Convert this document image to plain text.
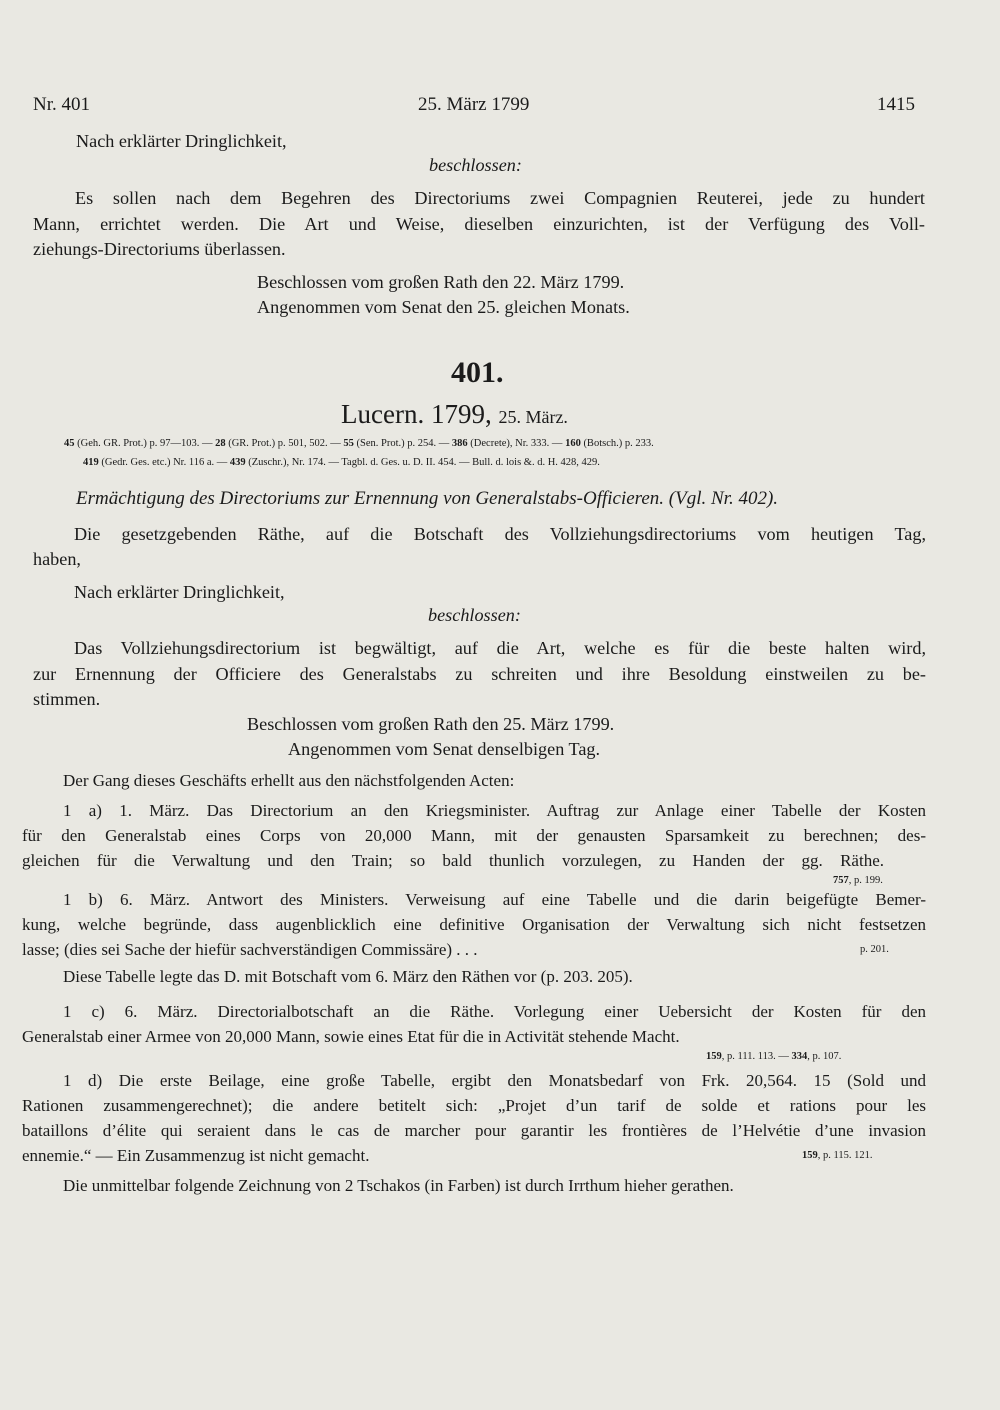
Nr. 401	25. März 1799	1415
Nach erklärter Dringlichkeit,
beschlossen:
Es sollen nach dem Begehren des Directoriums zwei Compagnien Reuterei, jede zu hundert
Mann, errichtet werden. Die Art und Weise, dieselben einzurichten, ist der Verfügung des Voll-
ziehungs-Directoriums überlassen.
Beschlossen vom großen Rath den 22. März 1799.
Angenommen vom Senat den 25. gleichen Monats.
401.
Lucern. 1799, 25. März.
45 (Geh. GR. Prot.) p. 97—103. — 28 (GR. Prot.) p. 501, 502. — 55 (Sen. Prot.) p. 254. — 386 (Decrete), Nr. 333. — 160 (Botsch.) p. 233.
419 (Gedr. Ges. etc.) Nr. 116 a. — 439 (Zuschr.), Nr. 174. — Tagbl. d. Ges. u. D. II. 454. — Bull. d. lois &. d. H. 428, 429.
Ermächtigung des Directoriums zur Ernennung von Generalstabs-Officieren. (Vgl. Nr. 402).
Die gesetzgebenden Räthe, auf die Botschaft des Vollziehungsdirectoriums vom heutigen Tag,
haben,
Nach erklärter Dringlichkeit,
beschlossen:
Das Vollziehungsdirectorium ist begwältigt, auf die Art, welche es für die beste halten wird,
zur Ernennung der Officiere des Generalstabs zu schreiten und ihre Besoldung einstweilen zu be-
stimmen.
Beschlossen vom großen Rath den 25. März 1799.
Angenommen vom Senat denselbigen Tag.
Der Gang dieses Geschäfts erhellt aus den nächstfolgenden Acten:
1 a) 1. März. Das Directorium an den Kriegsminister. Auftrag zur Anlage einer Tabelle der Kosten
für den Generalstab eines Corps von 20,000 Mann, mit der genausten Sparsamkeit zu berechnen; des-
gleichen für die Verwaltung und den Train; so bald thunlich vorzulegen, zu Handen der gg. Räthe.
757, p. 199.
1 b) 6. März. Antwort des Ministers. Verweisung auf eine Tabelle und die darin beigefügte Bemer-
kung, welche begründe, dass augenblicklich eine definitive Organisation der Verwaltung sich nicht festsetzen
lasse; (dies sei Sache der hiefür sachverständigen Commissäre) . . .	p. 201.
Diese Tabelle legte das D. mit Botschaft vom 6. März den Räthen vor (p. 203. 205).
1 c) 6. März. Directorialbotschaft an die Räthe. Vorlegung einer Uebersicht der Kosten für den
Generalstab einer Armee von 20,000 Mann, sowie eines Etat für die in Activität stehende Macht.
159, p. 111. 113. — 334, p. 107.
1 d) Die erste Beilage, eine große Tabelle, ergibt den Monatsbedarf von Frk. 20,564. 15 (Sold und
Rationen zusammengerechnet); die andere betitelt sich: „Projet d’un tarif de solde et rations pour les
bataillons d’élite qui seraient dans le cas de marcher pour garantir les frontières de l’Helvétie d’une invasion
ennemie.“ — Ein Zusammenzug ist nicht gemacht.	159, p. 115. 121.
Die unmittelbar folgende Zeichnung von 2 Tschakos (in Farben) ist durch Irrthum hieher gerathen.
